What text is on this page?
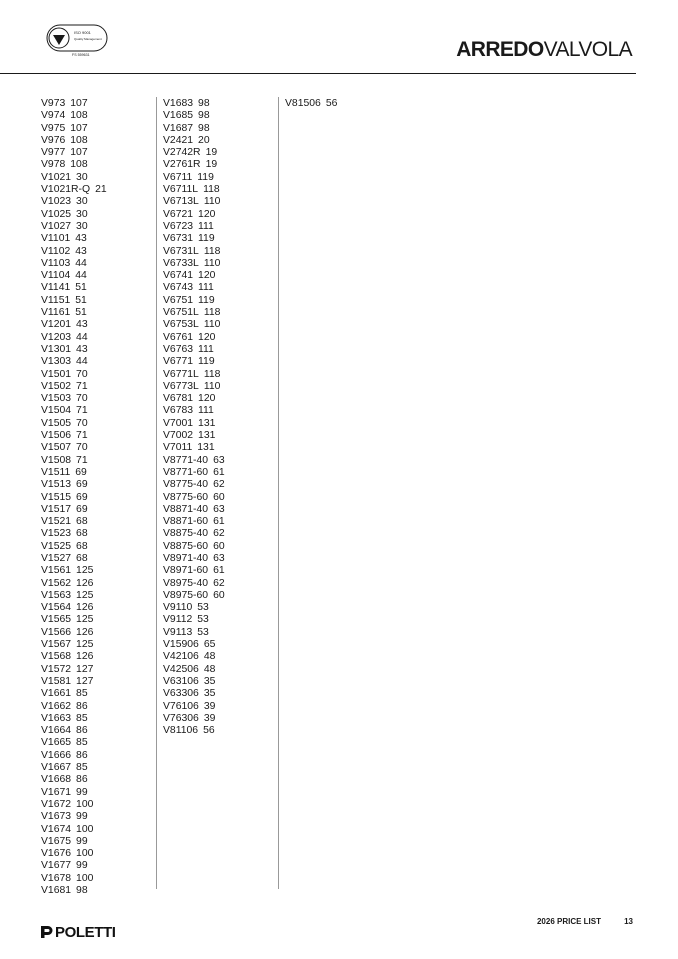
bsi.	ISO 9001
Quality Management
FS 559631	ARREDOVALVOLA
V973 107
V974 108
V975 107
V976 108
V977 107
V978 108
V1021 30
V1021R-Q 21
V1023 30
V1025 30
V1027 30
V1101 43
V1102 43
V1103 44
V1104 44
V1141 51
V1151 51
V1161 51
V1201 43
V1203 44
V1301 43
V1303 44
V1501 70
V1502 71
V1503 70
V1504 71
V1505 70
V1506 71
V1507 70
V1508 71
V1511 69
V1513 69
V1515 69
V1517 69
V1521 68
V1523 68
V1525 68
V1527 68
V1561 125
V1562 126
V1563 125
V1564 126
V1565 125
V1566 126
V1567 125
V1568 126
V1572 127
V1581 127
V1661 85
V1662 86
V1663 85
V1664 86
V1665 85
V1666 86
V1667 85
V1668 86
V1671 99
V1672 100
V1673 99
V1674 100
V1675 99
V1676 100
V1677 99
V1678 100
V1681 98
V1683 98
V1685 98
V1687 98
V2421 20
V2742R 19
V2761R 19
V6711 119
V6711L 118
V6713L 110
V6721 120
V6723 111
V6731 119
V6731L 118
V6733L 110
V6741 120
V6743 111
V6751 119
V6751L 118
V6753L 110
V6761 120
V6763 111
V6771 119
V6771L 118
V6773L 110
V6781 120
V6783 111
V7001 131
V7002 131
V7011 131
V8771-40 63
V8771-60 61
V8775-40 62
V8775-60 60
V8871-40 63
V8871-60 61
V8875-40 62
V8875-60 60
V8971-40 63
V8971-60 61
V8975-40 62
V8975-60 60
V9110 53
V9112 53
V9113 53
V15906 65
V42106 48
V42506 48
V63106 35
V63306 35
V76106 39
V76306 39
V81106 56
V81506 56
POLETTI
2026 PRICE LIST	13
